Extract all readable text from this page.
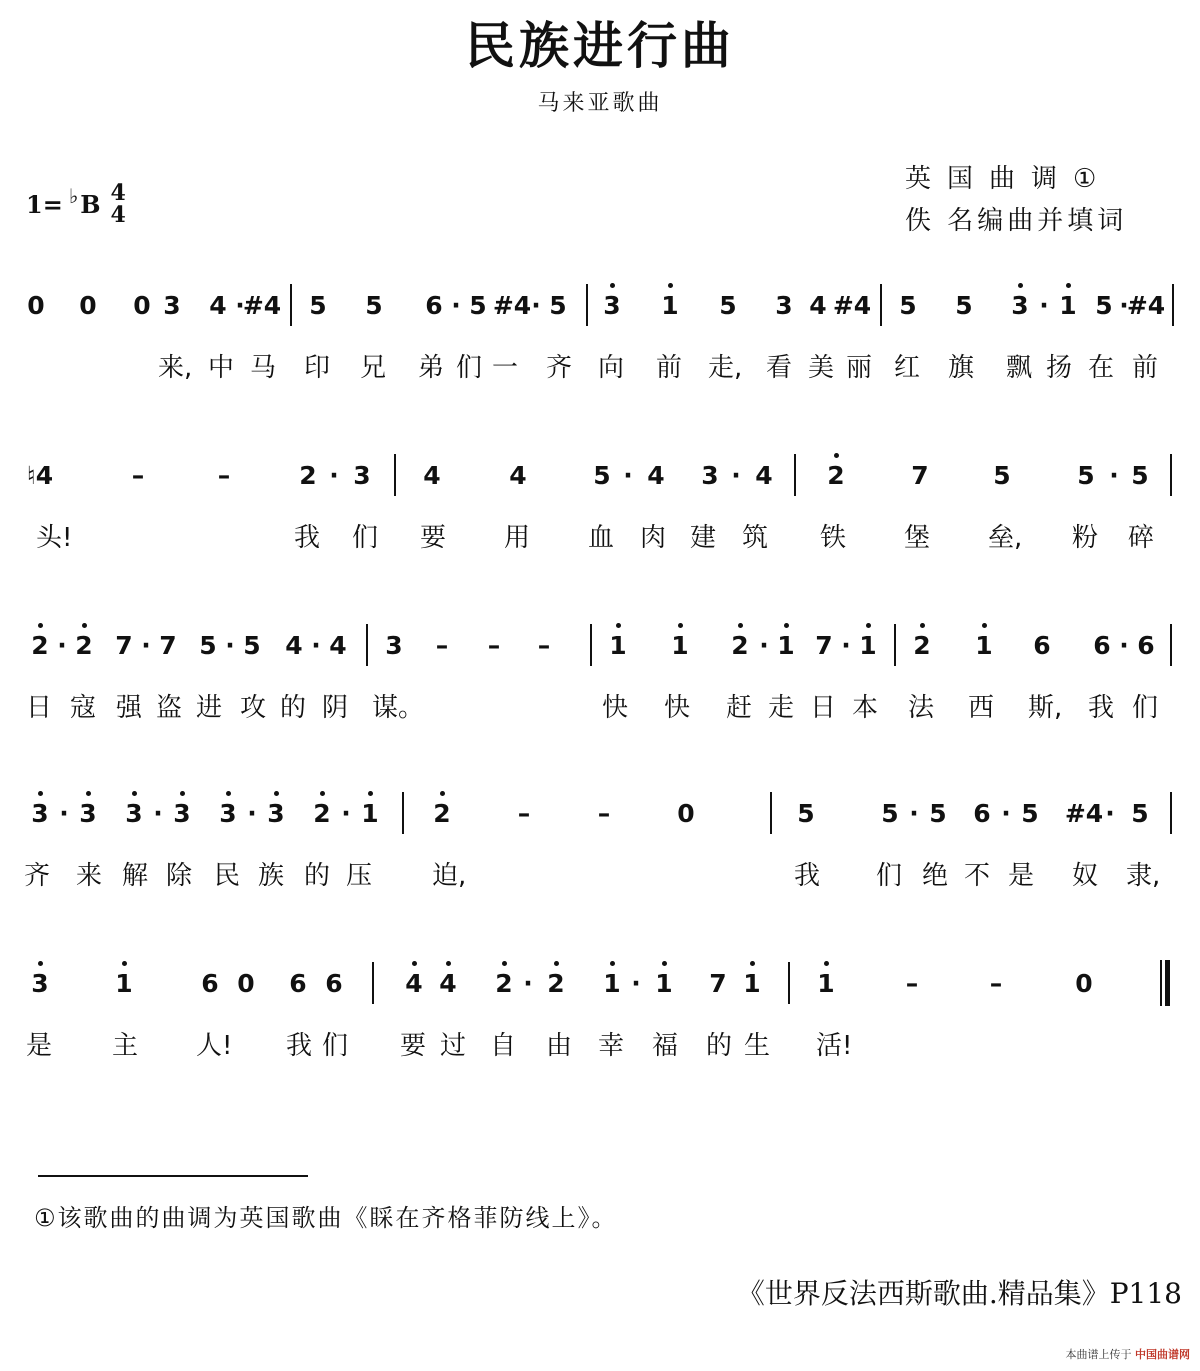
民族进行曲
马来亚歌曲
1 = ♭ B 4
4
英国曲调①
佚 名编曲并填词
0	0	0 3	4 ·
#4	5	5	6 · 5 #4 · 5	3	1	5	3 4 #4	5	5	3 · 1 5 ·
#4
来, 中 马 印 兄 弟 们 一 齐 向 前 走, 看 美 丽 红 旗 飘 扬 在 前
♮4	–	–	2 · 3	4	4	5 · 4	3 · 4	2	7	5	5 · 5
头!	我 们 要 用 血 肉 建 筑 铁 堡 垒, 粉 碎
2 · 2 7 · 7 5 · 5 4 · 4	3	–	–	–	1	1	2 · 1 7 · 1	2	1	6	6 · 6
日 寇 强 盗 进 攻 的 阴 谋。	快 快 赶 走 日 本 法 西 斯, 我 们
3 · 3	3 · 3	3 · 3	2 · 1	2	–	–	0	5	5 · 5	6 · 5	#4 · 5
齐 来 解 除 民 族 的 压 迫,	我 们 绝 不 是 奴 隶,
3	1	6 0	6 6	4 4	2 · 2	1 · 1	7 1	1	–	–	0
是 主 人! 我 们 要 过 自 由 幸 福 的 生 活!
①该歌曲的曲调为英国歌曲《睬在齐格菲防线上》。
《世界反法西斯歌曲.精品集》P118
本曲谱上传于 中国曲谱网
